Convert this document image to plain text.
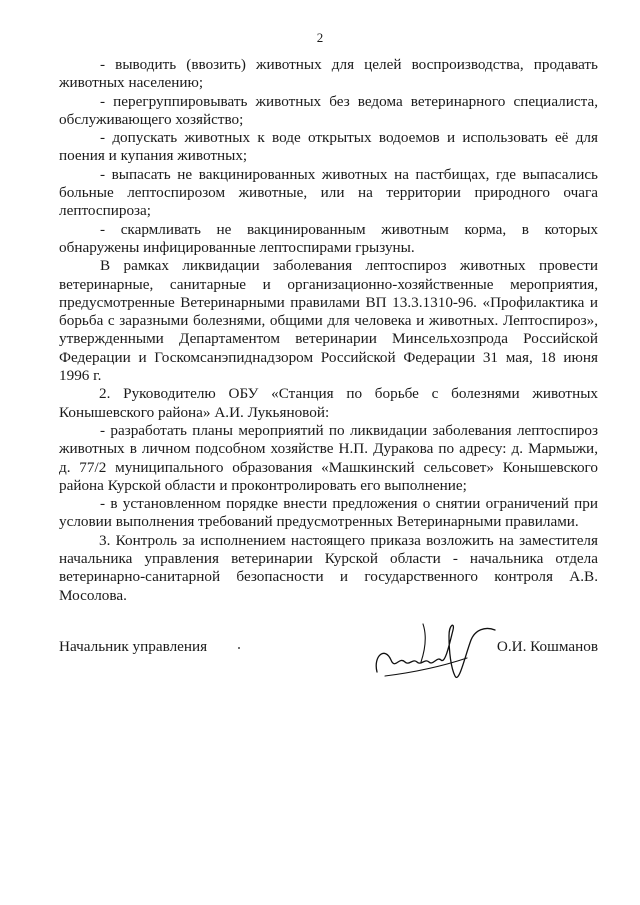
2

- выводить (ввозить) животных для целей воспроизводства, продавать животных населению;

- перегруппировывать животных без ведома ветеринарного специалиста, обслуживающего хозяйство;

- допускать животных к воде открытых водоемов и использовать её для поения и купания животных;

- выпасать не вакцинированных животных на пастбищах, где выпасались больные лептоспирозом животные, или на территории природного очага лептоспироза;

- скармливать не вакцинированным животным корма, в которых обнаружены инфицированные лептоспирами грызуны.

В рамках ликвидации заболевания лептоспироз животных провести ветеринарные, санитарные и организационно-хозяйственные мероприятия, предусмотренные Ветеринарными правилами ВП 13.3.1310-96. «Профилактика и борьба с заразными болезнями, общими для человека и животных. Лептоспироз», утвержденными Департаментом ветеринарии Минсельхозпрода Российской Федерации и Госкомсанэпиднадзором Российской Федерации 31 мая, 18 июня 1996 г.

2. Руководителю ОБУ «Станция по борьбе с болезнями животных Конышевского района» А.И. Лукьяновой:

- разработать планы мероприятий по ликвидации заболевания лептоспироз животных в личном подсобном хозяйстве Н.П. Дуракова по адресу: д. Мармыжи, д. 77/2 муниципального образования «Машкинский сельсовет» Конышевского района Курской области и проконтролировать его выполнение;

- в установленном порядке внести предложения о снятии ограничений при условии выполнения требований предусмотренных Ветеринарными правилами.

3. Контроль за исполнением настоящего приказа возложить на заместителя начальника управления ветеринарии Курской области - начальника отдела ветеринарно-санитарной безопасности и государственного контроля А.В. Мосолова.

Начальник управления	О.И. Кошманов
